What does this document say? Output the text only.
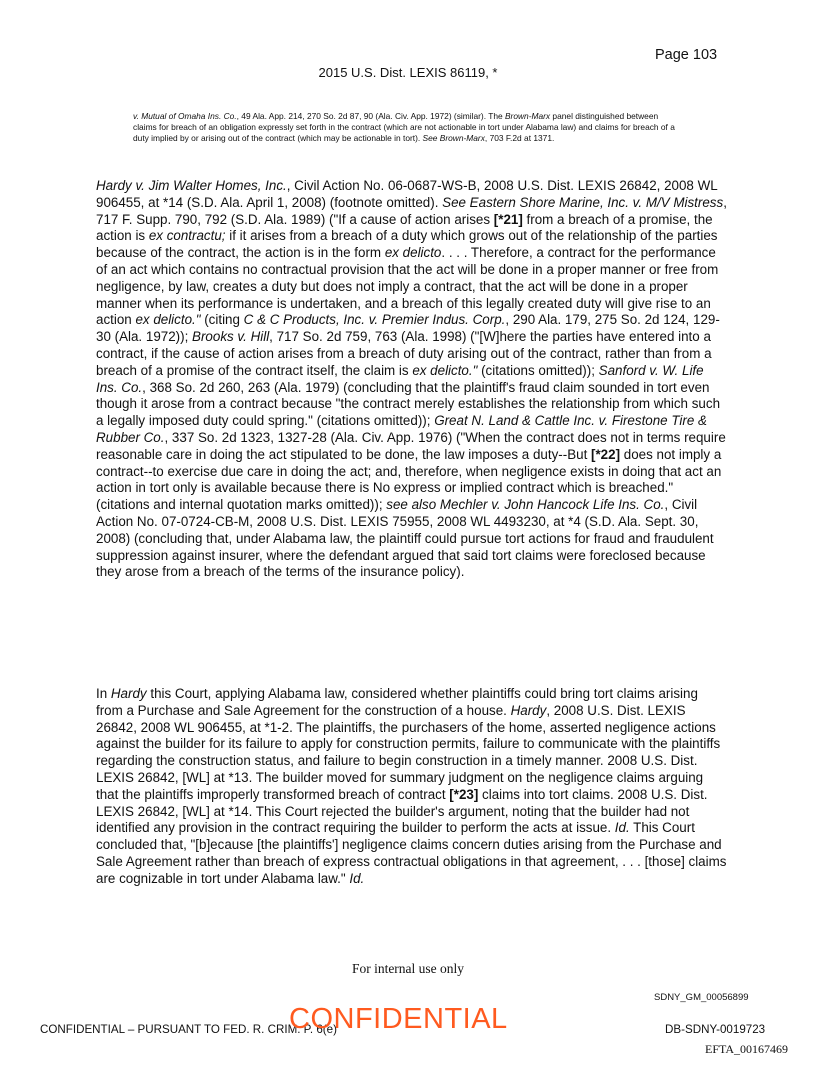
Page 103
2015 U.S. Dist. LEXIS 86119, *

v. Mutual of Omaha Ins. Co., 49 Ala. App. 214, 270 So. 2d 87, 90 (Ala. Civ. App. 1972) (similar). The Brown-Marx panel distinguished between claims for breach of an obligation expressly set forth in the contract (which are not actionable in tort under Alabama law) and claims for breach of a duty implied by or arising out of the contract (which may be actionable in tort). See Brown-Marx, 703 F.2d at 1371.

Hardy v. Jim Walter Homes, Inc., Civil Action No. 06-0687-WS-B, 2008 U.S. Dist. LEXIS 26842, 2008 WL 906455, at *14 (S.D. Ala. April 1, 2008) (footnote omitted). See Eastern Shore Marine, Inc. v. M/V Mistress, 717 F. Supp. 790, 792 (S.D. Ala. 1989) ("If a cause of action arises [*21] from a breach of a promise, the action is ex contractu; if it arises from a breach of a duty which grows out of the relationship of the parties because of the contract, the action is in the form ex delicto. . . . Therefore, a contract for the performance of an act which contains no contractual provision that the act will be done in a proper manner or free from negligence, by law, creates a duty but does not imply a contract, that the act will be done in a proper manner when its performance is undertaken, and a breach of this legally created duty will give rise to an action ex delicto." (citing C & C Products, Inc. v. Premier Indus. Corp., 290 Ala. 179, 275 So. 2d 124, 129-30 (Ala. 1972)); Brooks v. Hill, 717 So. 2d 759, 763 (Ala. 1998) ("[W]here the parties have entered into a contract, if the cause of action arises from a breach of duty arising out of the contract, rather than from a breach of a promise of the contract itself, the claim is ex delicto." (citations omitted)); Sanford v. W. Life Ins. Co., 368 So. 2d 260, 263 (Ala. 1979) (concluding that the plaintiff's fraud claim sounded in tort even though it arose from a contract because "the contract merely establishes the relationship from which such a legally imposed duty could spring." (citations omitted)); Great N. Land & Cattle Inc. v. Firestone Tire & Rubber Co., 337 So. 2d 1323, 1327-28 (Ala. Civ. App. 1976) ("When the contract does not in terms require reasonable care in doing the act stipulated to be done, the law imposes a duty--But [*22] does not imply a contract--to exercise due care in doing the act; and, therefore, when negligence exists in doing that act an action in tort only is available because there is No express or implied contract which is breached." (citations and internal quotation marks omitted)); see also Mechler v. John Hancock Life Ins. Co., Civil Action No. 07-0724-CB-M, 2008 U.S. Dist. LEXIS 75955, 2008 WL 4493230, at *4 (S.D. Ala. Sept. 30, 2008) (concluding that, under Alabama law, the plaintiff could pursue tort actions for fraud and fraudulent suppression against insurer, where the defendant argued that said tort claims were foreclosed because they arose from a breach of the terms of the insurance policy).

In Hardy this Court, applying Alabama law, considered whether plaintiffs could bring tort claims arising from a Purchase and Sale Agreement for the construction of a house. Hardy, 2008 U.S. Dist. LEXIS 26842, 2008 WL 906455, at *1-2. The plaintiffs, the purchasers of the home, asserted negligence actions against the builder for its failure to apply for construction permits, failure to communicate with the plaintiffs regarding the construction status, and failure to begin construction in a timely manner. 2008 U.S. Dist. LEXIS 26842, [WL] at *13. The builder moved for summary judgment on the negligence claims arguing that the plaintiffs improperly transformed breach of contract [*23] claims into tort claims. 2008 U.S. Dist. LEXIS 26842, [WL] at *14. This Court rejected the builder's argument, noting that the builder had not identified any provision in the contract requiring the builder to perform the acts at issue. Id. This Court concluded that, "[b]ecause [the plaintiffs'] negligence claims concern duties arising from the Purchase and Sale Agreement rather than breach of express contractual obligations in that agreement, . . . [those] claims are cognizable in tort under Alabama law." Id.

For internal use only
SDNY_GM_00056899
CONFIDENTIAL – PURSUANT TO FED. R. CRIM. P. 6(e)
CONFIDENTIAL	DB-SDNY-0019723
EFTA_00167469
